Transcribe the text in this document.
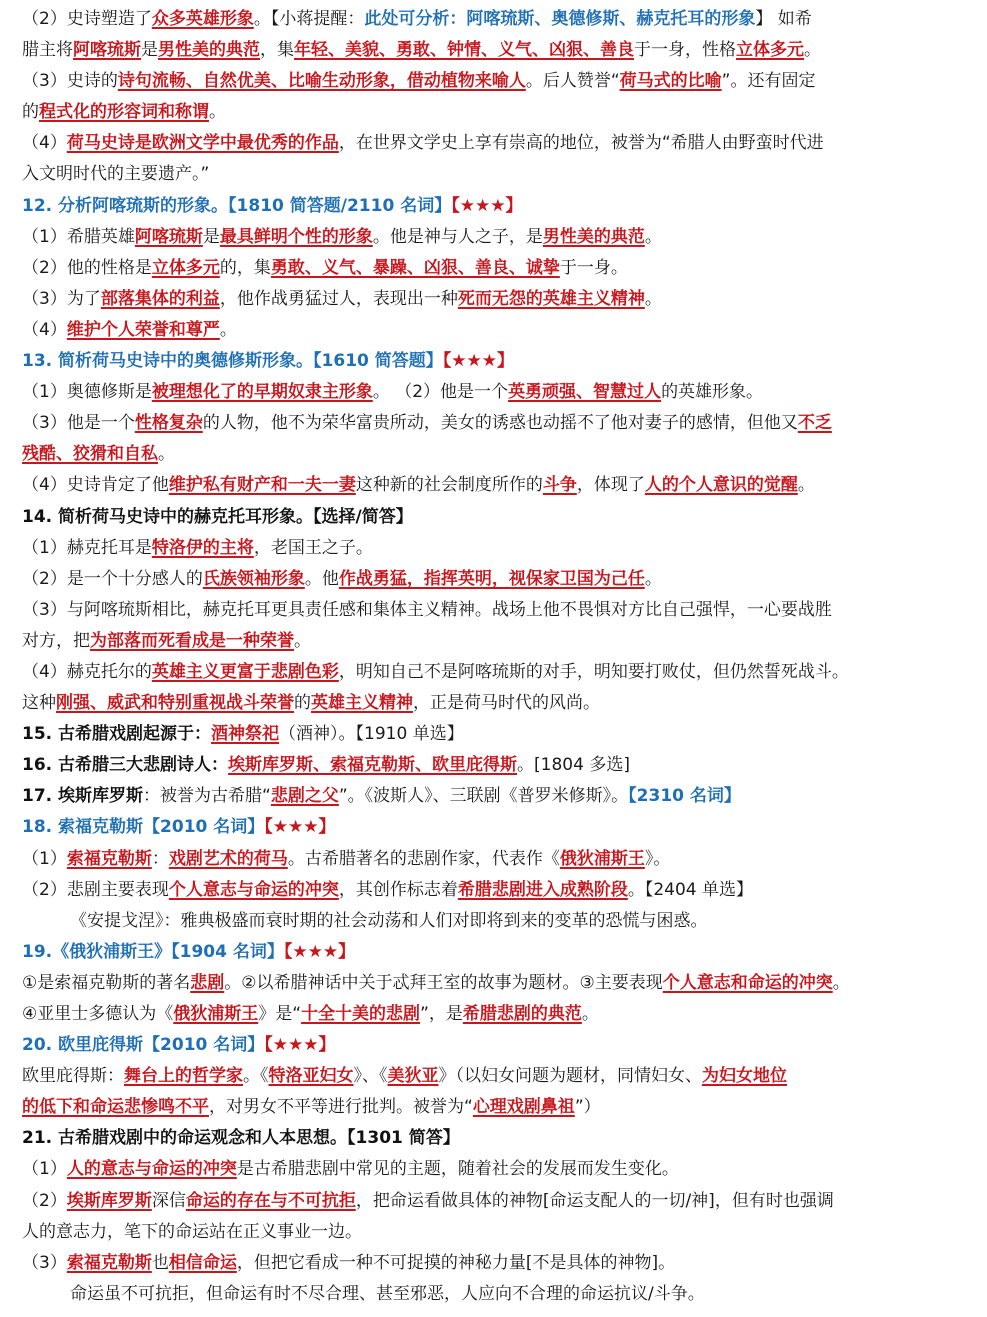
（2）史诗塑造了众多英雄形象。【小蒋提醒：此处可分析：阿喀琉斯、奥德修斯、赫克托耳的形象】 如希
腊主将阿喀琉斯是男性美的典范，集年轻、美貌、勇敢、钟情、义气、凶狠、善良于一身，性格立体多元。
（3）史诗的诗句流畅、自然优美、比喻生动形象，借动植物来喻人。后人赞誉“荷马式的比喻”。还有固定
的程式化的形容词和称谓。
（4）荷马史诗是欧洲文学中最优秀的作品，在世界文学史上享有崇高的地位，被誉为“希腊人由野蛮时代进
入文明时代的主要遗产。”
12. 分析阿喀琉斯的形象。【1810 简答题/2110 名词】【★★★】
（1）希腊英雄阿喀琉斯是最具鲜明个性的形象。他是神与人之子，是男性美的典范。
（2）他的性格是立体多元的，集勇敢、义气、暴躁、凶狠、善良、诚挚于一身。
（3）为了部落集体的利益，他作战勇猛过人，表现出一种死而无怨的英雄主义精神。
（4）维护个人荣誉和尊严。
13. 简析荷马史诗中的奥德修斯形象。【1610 简答题】【★★★】
（1）奥德修斯是被理想化了的早期奴隶主形象。 （2）他是一个英勇顽强、智慧过人的英雄形象。
（3）他是一个性格复杂的人物，他不为荣华富贵所动，美女的诱惑也动摇不了他对妻子的感情，但他又不乏
残酷、狡猾和自私。
（4）史诗肯定了他维护私有财产和一夫一妻这种新的社会制度所作的斗争，体现了人的个人意识的觉醒。
14. 简析荷马史诗中的赫克托耳形象。【选择/简答】
（1）赫克托耳是特洛伊的主将，老国王之子。
（2）是一个十分感人的氏族领袖形象。他作战勇猛，指挥英明，视保家卫国为己任。
（3）与阿喀琉斯相比，赫克托耳更具责任感和集体主义精神。战场上他不畏惧对方比自己强悍，一心要战胜
对方，把为部落而死看成是一种荣誉。
（4）赫克托尔的英雄主义更富于悲剧色彩，明知自己不是阿喀琉斯的对手，明知要打败仗，但仍然誓死战斗。
这种刚强、威武和特别重视战斗荣誉的英雄主义精神，正是荷马时代的风尚。
15. 古希腊戏剧起源于：酒神祭祀（酒神）。【1910 单选】
16. 古希腊三大悲剧诗人：埃斯库罗斯、索福克勒斯、欧里庇得斯。[1804 多选]
17. 埃斯库罗斯：被誉为古希腊“悲剧之父”。《波斯人》、三联剧《普罗米修斯》。【2310 名词】
18. 索福克勒斯【2010 名词】【★★★】
（1）索福克勒斯：戏剧艺术的荷马。古希腊著名的悲剧作家，代表作《俄狄浦斯王》。
（2）悲剧主要表现个人意志与命运的冲突，其创作标志着希腊悲剧进入成熟阶段。【2404 单选】
《安提戈涅》：雅典极盛而衰时期的社会动荡和人们对即将到来的变革的恐慌与困惑。
19.《俄狄浦斯王》【1904 名词】【★★★】
①是索福克勒斯的著名悲剧。②以希腊神话中关于忒拜王室的故事为题材。③主要表现个人意志和命运的冲突。
④亚里士多德认为《俄狄浦斯王》是“十全十美的悲剧”，是希腊悲剧的典范。
20. 欧里庇得斯【2010 名词】【★★★】
欧里庇得斯：舞台上的哲学家。《特洛亚妇女》、《美狄亚》（以妇女问题为题材，同情妇女、为妇女地位
的低下和命运悲惨鸣不平，对男女不平等进行批判。被誉为“心理戏剧鼻祖”）
21. 古希腊戏剧中的命运观念和人本思想。【1301 简答】
（1）人的意志与命运的冲突是古希腊悲剧中常见的主题，随着社会的发展而发生变化。
（2）埃斯库罗斯深信命运的存在与不可抗拒，把命运看做具体的神物[命运支配人的一切/神]，但有时也强调
人的意志力，笔下的命运站在正义事业一边。
（3）索福克勒斯也相信命运，但把它看成一种不可捉摸的神秘力量[不是具体的神物]。
命运虽不可抗拒，但命运有时不尽合理、甚至邪恶，人应向不合理的命运抗议/斗争。
